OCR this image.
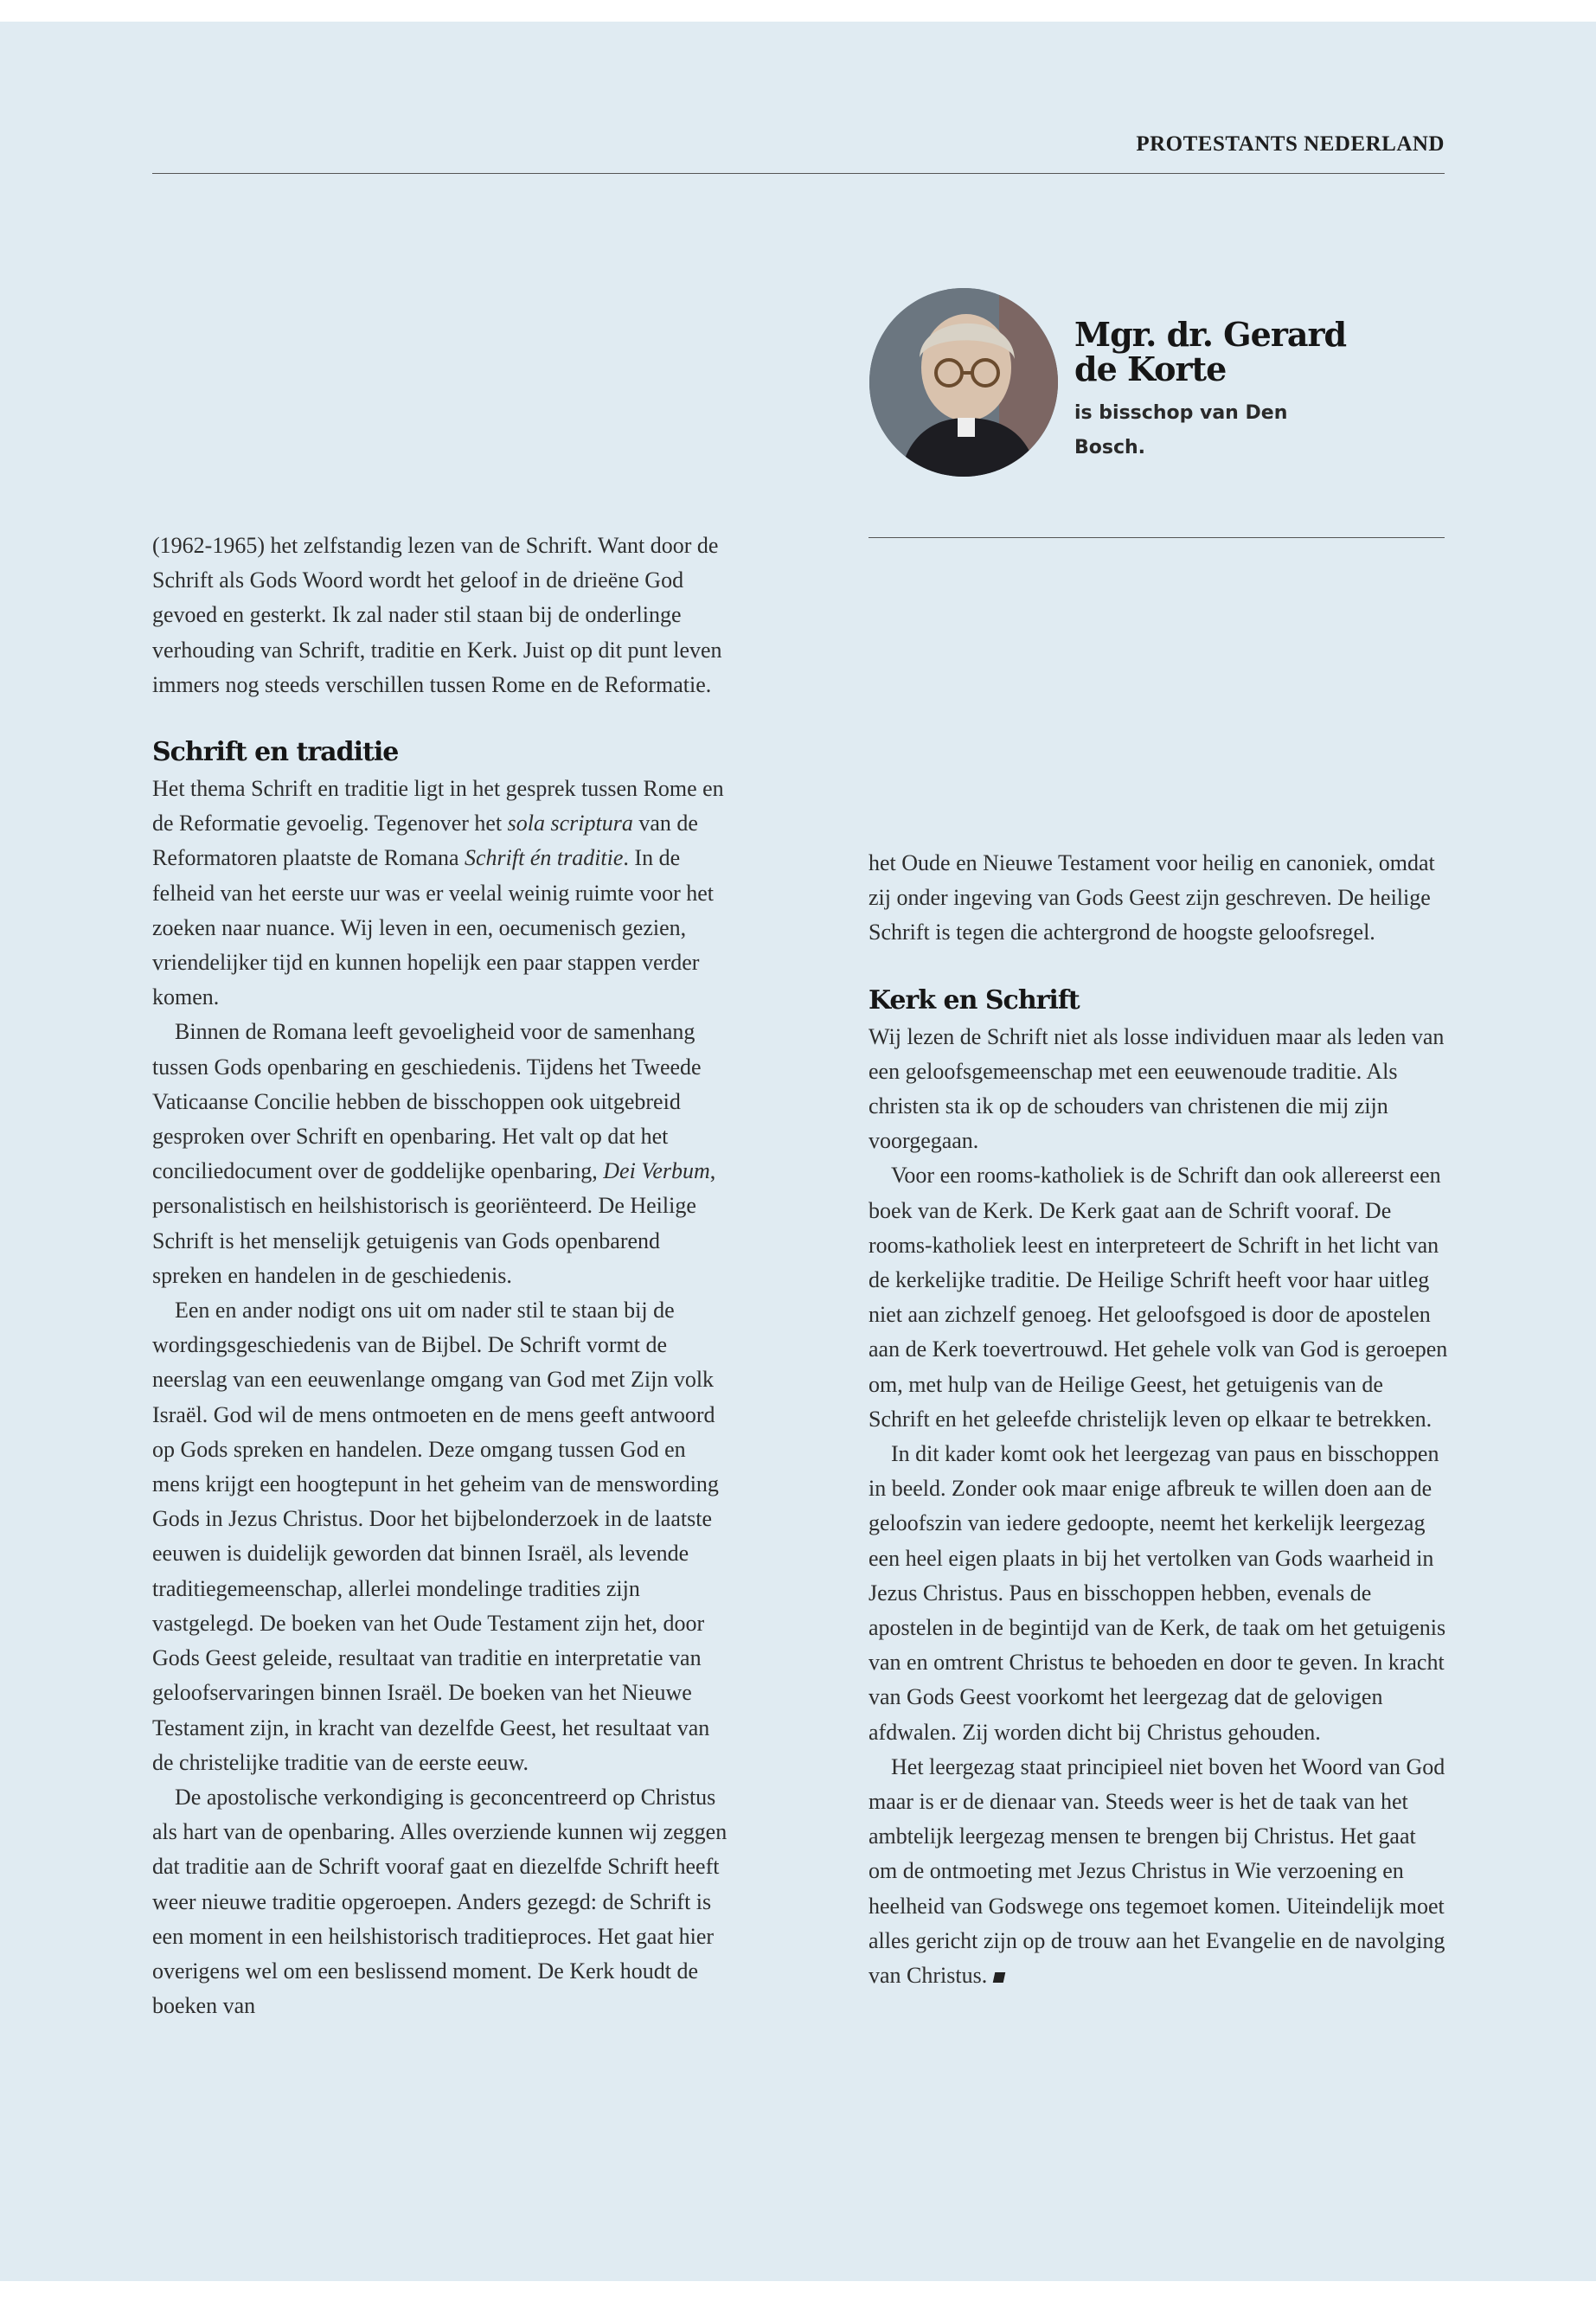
PROTESTANTS NEDERLAND
Mgr. dr. Gerard
de Korte
is bisschop van Den Bosch.

(1962-1965) het zelfstandig lezen van de Schrift. Want door de Schrift als Gods Woord wordt het geloof in de drieëne God gevoed en gesterkt. Ik zal nader stil staan bij de onderlinge verhouding van Schrift, traditie en Kerk. Juist op dit punt leven immers nog steeds verschillen tussen Rome en de Reformatie.

Schrift en traditie

Het thema Schrift en traditie ligt in het gesprek tussen Rome en de Reformatie gevoelig. Tegenover het sola scriptura van de Reformatoren plaatste de Romana Schrift én traditie. In de felheid van het eerste uur was er veelal weinig ruimte voor het zoeken naar nuance. Wij leven in een, oecumenisch gezien, vriendelijker tijd en kunnen hopelijk een paar stappen verder komen.

Binnen de Romana leeft gevoeligheid voor de samenhang tussen Gods openbaring en geschiedenis. Tijdens het Tweede Vaticaanse Concilie hebben de bisschoppen ook uitgebreid gesproken over Schrift en openbaring. Het valt op dat het conciliedocument over de goddelijke openbaring, Dei Verbum, personalistisch en heilshistorisch is georiënteerd. De Heilige Schrift is het menselijk getuigenis van Gods openbarend spreken en handelen in de geschiedenis.

Een en ander nodigt ons uit om nader stil te staan bij de wordingsgeschiedenis van de Bijbel. De Schrift vormt de neerslag van een eeuwenlange omgang van God met Zijn volk Israël. God wil de mens ontmoeten en de mens geeft antwoord op Gods spreken en handelen. Deze omgang tussen God en mens krijgt een hoogtepunt in het geheim van de menswording Gods in Jezus Christus. Door het bijbelonderzoek in de laatste eeuwen is duidelijk geworden dat binnen Israël, als levende traditiegemeenschap, allerlei mondelinge tradities zijn vastgelegd. De boeken van het Oude Testament zijn het, door Gods Geest geleide, resultaat van traditie en interpretatie van geloofservaringen binnen Israël. De boeken van het Nieuwe Testament zijn, in kracht van dezelfde Geest, het resultaat van de christelijke traditie van de eerste eeuw.

De apostolische verkondiging is geconcentreerd op Christus als hart van de openbaring. Alles overziende kunnen wij zeggen dat traditie aan de Schrift vooraf gaat en diezelfde Schrift heeft weer nieuwe traditie opgeroepen. Anders gezegd: de Schrift is een moment in een heilshistorisch traditieproces. Het gaat hier overigens wel om een beslissend moment. De Kerk houdt de boeken van

het Oude en Nieuwe Testament voor heilig en canoniek, omdat zij onder ingeving van Gods Geest zijn geschreven. De heilige Schrift is tegen die achtergrond de hoogste geloofsregel.

Kerk en Schrift

Wij lezen de Schrift niet als losse individuen maar als leden van een geloofsgemeenschap met een eeuwenoude traditie. Als christen sta ik op de schouders van christenen die mij zijn voorgegaan.

Voor een rooms-katholiek is de Schrift dan ook allereerst een boek van de Kerk. De Kerk gaat aan de Schrift vooraf. De rooms-katholiek leest en interpreteert de Schrift in het licht van de kerkelijke traditie. De Heilige Schrift heeft voor haar uitleg niet aan zichzelf genoeg. Het geloofsgoed is door de apostelen aan de Kerk toevertrouwd. Het gehele volk van God is geroepen om, met hulp van de Heilige Geest, het getuigenis van de Schrift en het geleefde christelijk leven op elkaar te betrekken.

In dit kader komt ook het leergezag van paus en bisschoppen in beeld. Zonder ook maar enige afbreuk te willen doen aan de geloofszin van iedere gedoopte, neemt het kerkelijk leergezag een heel eigen plaats in bij het vertolken van Gods waarheid in Jezus Christus. Paus en bisschoppen hebben, evenals de apostelen in de begintijd van de Kerk, de taak om het getuigenis van en omtrent Christus te behoeden en door te geven. In kracht van Gods Geest voorkomt het leergezag dat de gelovigen afdwalen. Zij worden dicht bij Christus gehouden.

Het leergezag staat principieel niet boven het Woord van God maar is er de dienaar van. Steeds weer is het de taak van het ambtelijk leergezag mensen te brengen bij Christus. Het gaat om de ontmoeting met Jezus Christus in Wie verzoening en heelheid van Godswege ons tegemoet komen. Uiteindelijk moet alles gericht zijn op de trouw aan het Evangelie en de navolging van Christus.
